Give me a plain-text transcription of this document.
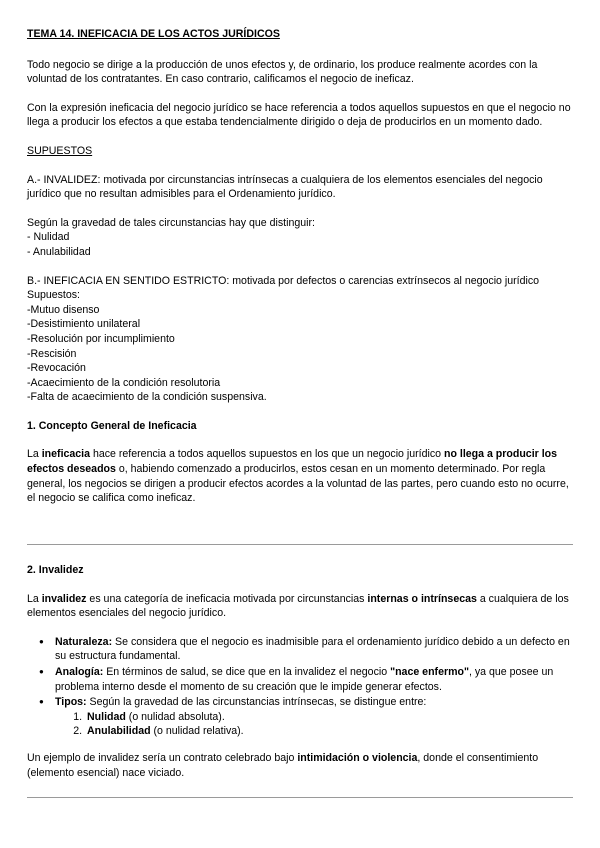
TEMA 14. INEFICACIA DE LOS ACTOS JURÍDICOS

Todo negocio se dirige a la producción de unos efectos y, de ordinario, los produce realmente acordes con la voluntad de los contratantes. En caso contrario, calificamos el negocio de ineficaz.

Con la expresión ineficacia del negocio jurídico se hace referencia a todos aquellos supuestos en que el negocio no llega a producir los efectos a que estaba tendencialmente dirigido o deja de producirlos en un momento dado.

SUPUESTOS

A.- INVALIDEZ: motivada por circunstancias intrínsecas a cualquiera de los elementos esenciales del negocio jurídico que no resultan admisibles para el Ordenamiento jurídico.

Según la gravedad de tales circunstancias hay que distinguir:
- Nulidad
- Anulabilidad
B.- INEFICACIA EN SENTIDO ESTRICTO: motivada por defectos o carencias extrínsecos al negocio jurídico
Supuestos:
-Mutuo disenso
-Desistimiento unilateral
-Resolución por incumplimiento
-Rescisión
-Revocación
-Acaecimiento de la condición resolutoria
-Falta de acaecimiento de la condición suspensiva.
1. Concepto General de Ineficacia

La ineficacia hace referencia a todos aquellos supuestos en los que un negocio jurídico no llega a producir los efectos deseados o, habiendo comenzado a producirlos, estos cesan en un momento determinado. Por regla general, los negocios se dirigen a producir efectos acordes a la voluntad de las partes, pero cuando esto no ocurre, el negocio se califica como ineficaz.

2. Invalidez

La invalidez es una categoría de ineficacia motivada por circunstancias internas o intrínsecas a cualquiera de los elementos esenciales del negocio jurídico.

● Naturaleza: Se considera que el negocio es inadmisible para el ordenamiento jurídico debido a un defecto en su estructura fundamental.
● Analogía: En términos de salud, se dice que en la invalidez el negocio "nace enfermo", ya que posee un problema interno desde el momento de su creación que le impide generar efectos.
● Tipos: Según la gravedad de las circunstancias intrínsecas, se distingue entre:
1. Nulidad (o nulidad absoluta).
2. Anulabilidad (o nulidad relativa).

Un ejemplo de invalidez sería un contrato celebrado bajo intimidación o violencia, donde el consentimiento (elemento esencial) nace viciado.
